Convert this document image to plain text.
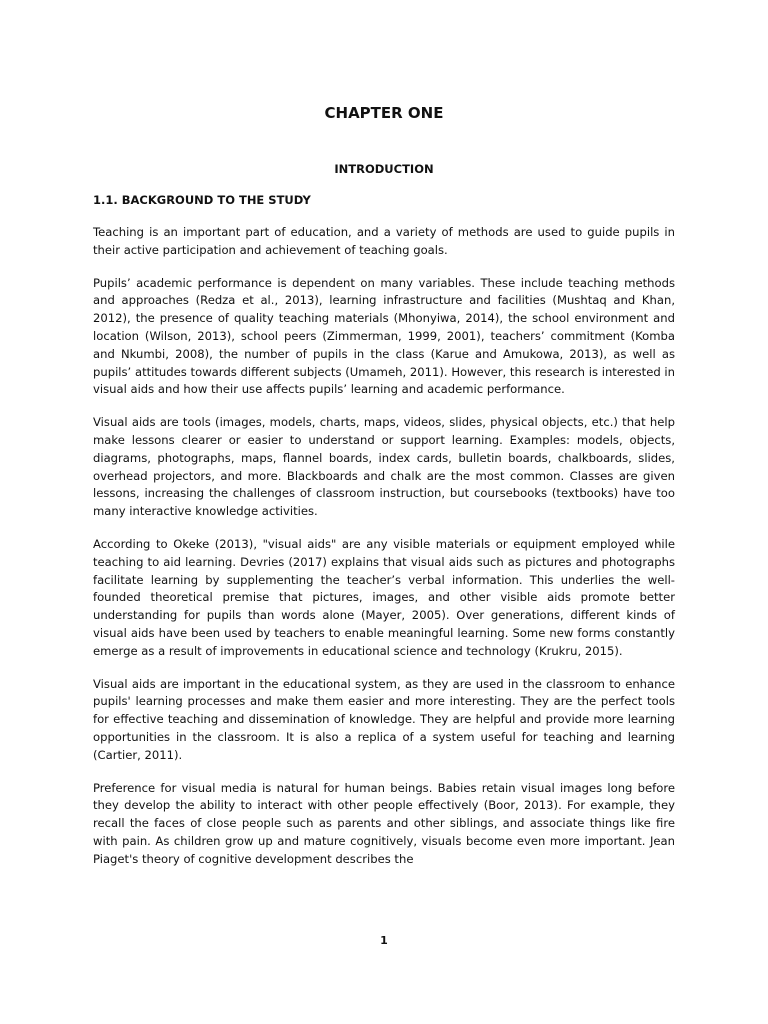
CHAPTER ONE
INTRODUCTION
1.1. BACKGROUND TO THE STUDY

Teaching is an important part of education, and a variety of methods are used to guide pupils in their active participation and achievement of teaching goals.

Pupils’ academic performance is dependent on many variables. These include teaching methods and approaches (Redza et al., 2013), learning infrastructure and facilities (Mushtaq and Khan, 2012), the presence of quality teaching materials (Mhonyiwa, 2014), the school environment and location (Wilson, 2013), school peers (Zimmerman, 1999, 2001), teachers’ commitment (Komba and Nkumbi, 2008), the number of pupils in the class (Karue and Amukowa, 2013), as well as pupils’ attitudes towards different subjects (Umameh, 2011). However, this research is interested in visual aids and how their use affects pupils’ learning and academic performance.

Visual aids are tools (images, models, charts, maps, videos, slides, physical objects, etc.) that help make lessons clearer or easier to understand or support learning. Examples: models, objects, diagrams, photographs, maps, flannel boards, index cards, bulletin boards, chalkboards, slides, overhead projectors, and more. Blackboards and chalk are the most common. Classes are given lessons, increasing the challenges of classroom instruction, but coursebooks (textbooks) have too many interactive knowledge activities.

According to Okeke (2013), "visual aids" are any visible materials or equipment employed while teaching to aid learning. Devries (2017) explains that visual aids such as pictures and photographs facilitate learning by supplementing the teacher’s verbal information. This underlies the well-founded theoretical premise that pictures, images, and other visible aids promote better understanding for pupils than words alone (Mayer, 2005). Over generations, different kinds of visual aids have been used by teachers to enable meaningful learning. Some new forms constantly emerge as a result of improvements in educational science and technology (Krukru, 2015).

Visual aids are important in the educational system, as they are used in the classroom to enhance pupils' learning processes and make them easier and more interesting. They are the perfect tools for effective teaching and dissemination of knowledge. They are helpful and provide more learning opportunities in the classroom. It is also a replica of a system useful for teaching and learning (Cartier, 2011).

Preference for visual media is natural for human beings. Babies retain visual images long before they develop the ability to interact with other people effectively (Boor, 2013). For example, they recall the faces of close people such as parents and other siblings, and associate things like fire with pain. As children grow up and mature cognitively, visuals become even more important. Jean Piaget's theory of cognitive development describes the

1
